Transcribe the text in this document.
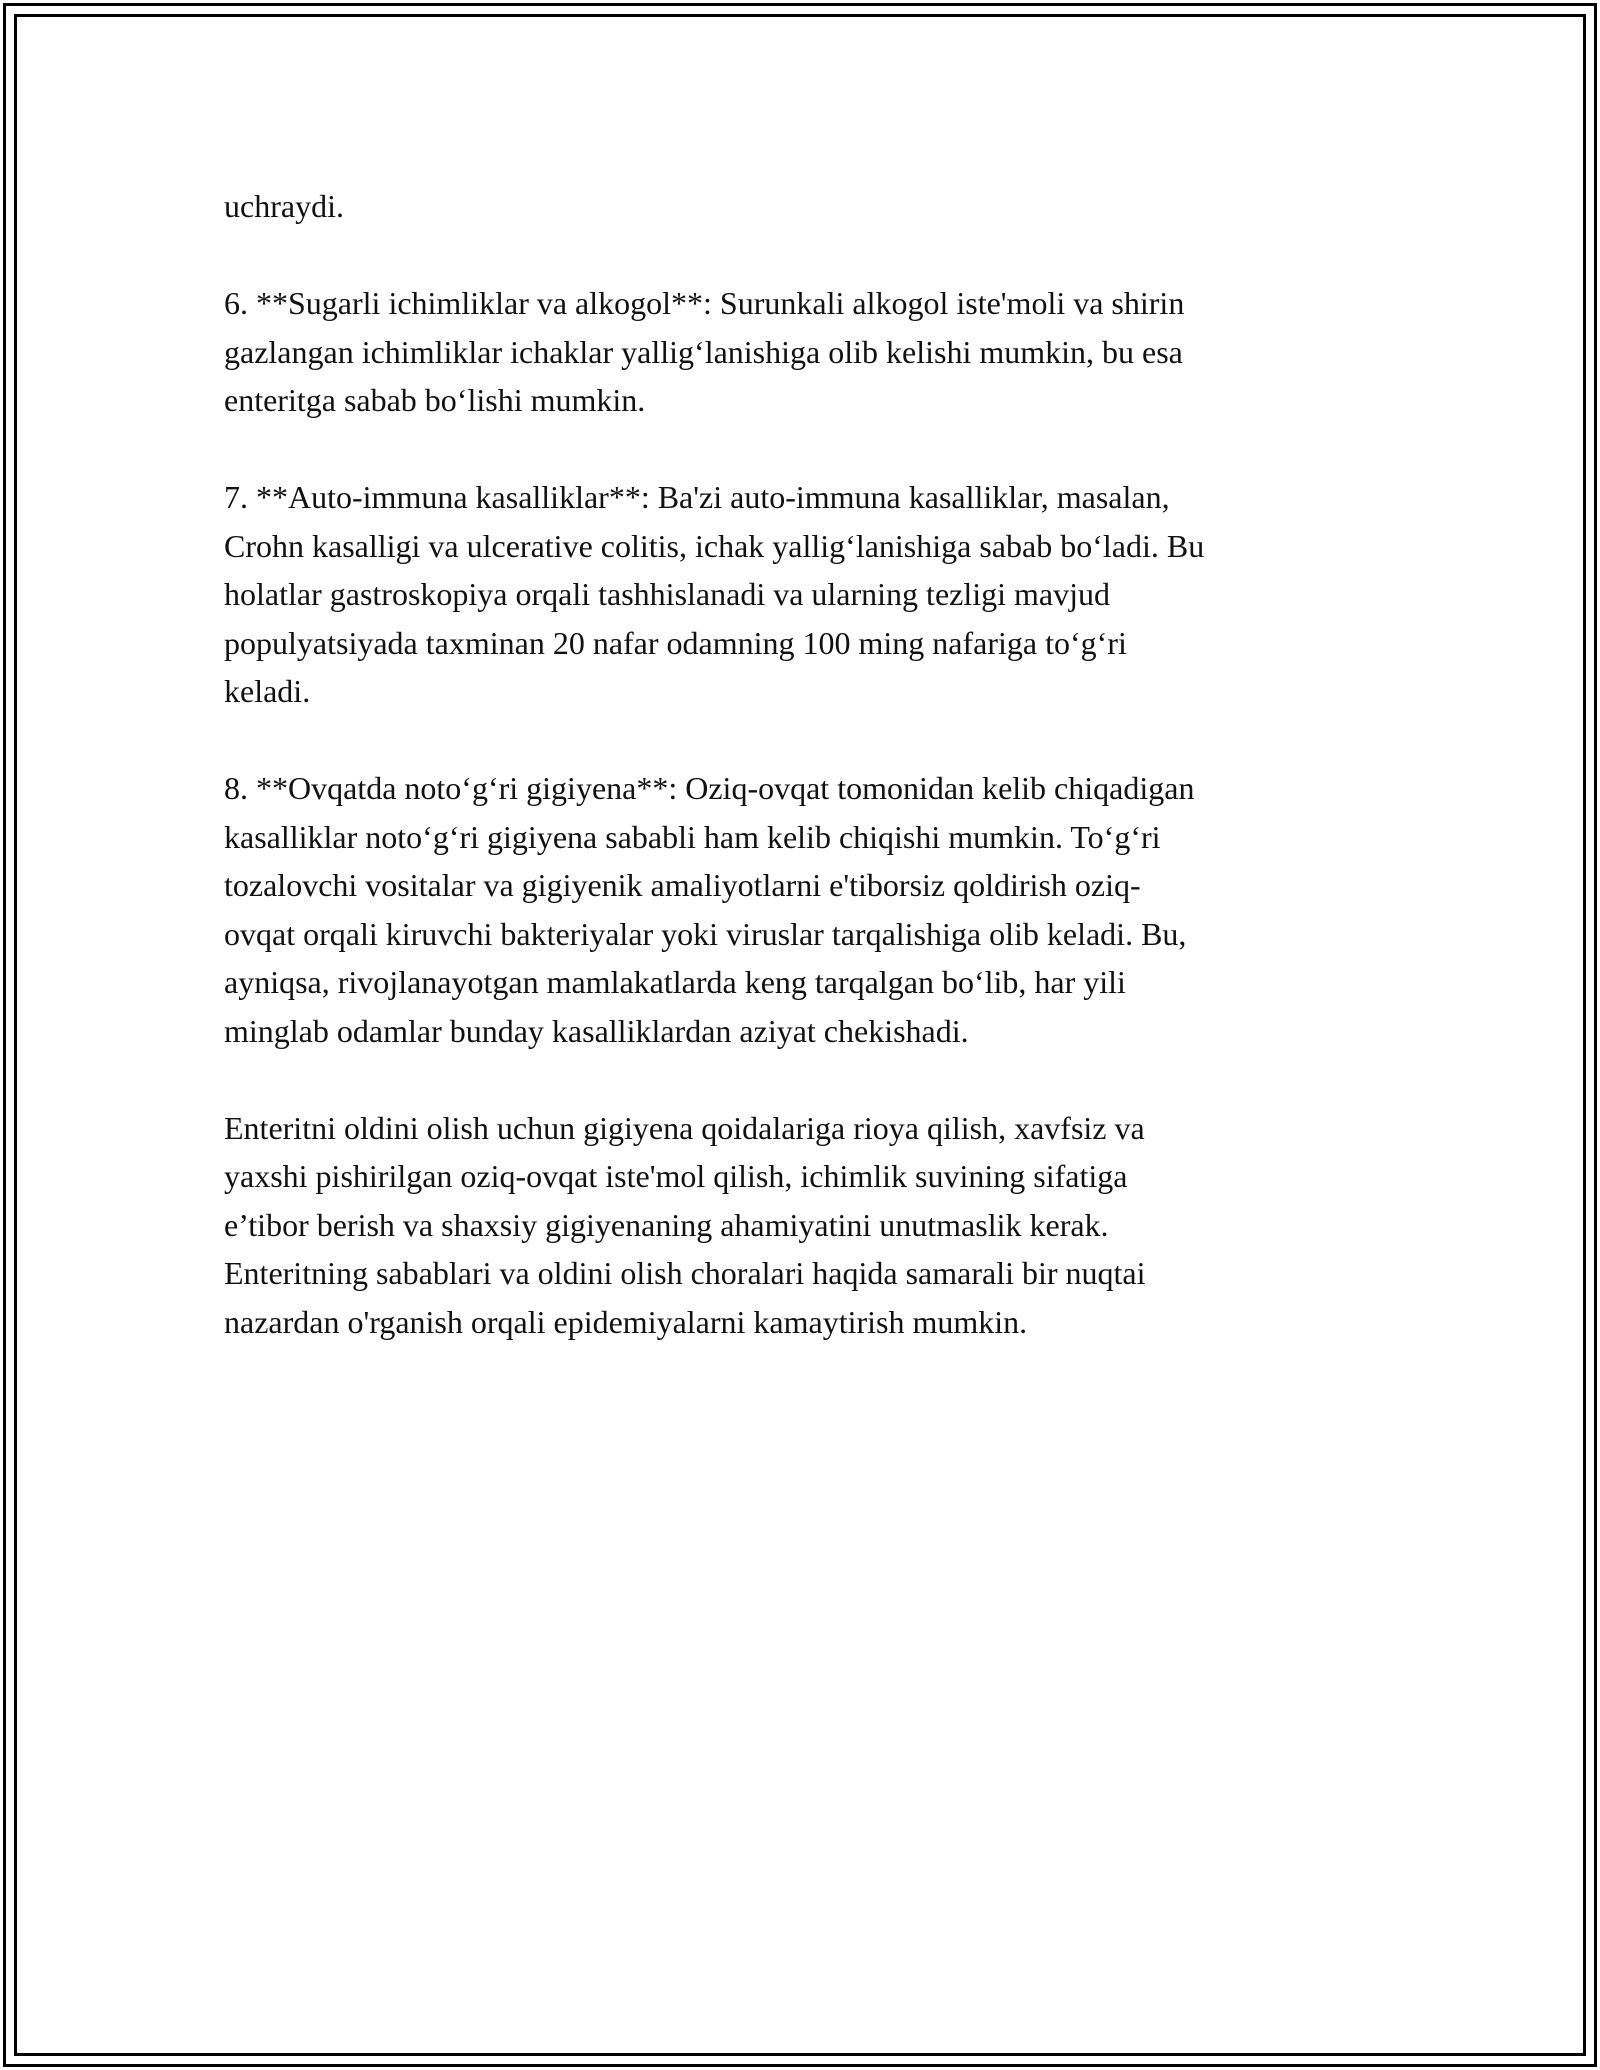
uchraydi.

6. **Sugarli ichimliklar va alkogol**: Surunkali alkogol iste'moli va shirin
gazlangan ichimliklar ichaklar yallig‘lanishiga olib kelishi mumkin, bu esa
enteritga sabab bo‘lishi mumkin.

7. **Auto-immuna kasalliklar**: Ba'zi auto-immuna kasalliklar, masalan,
Crohn kasalligi va ulcerative colitis, ichak yallig‘lanishiga sabab bo‘ladi. Bu
holatlar gastroskopiya orqali tashhislanadi va ularning tezligi mavjud
populyatsiyada taxminan 20 nafar odamning 100 ming nafariga to‘g‘ri
keladi.

8. **Ovqatda noto‘g‘ri gigiyena**: Oziq-ovqat tomonidan kelib chiqadigan
kasalliklar noto‘g‘ri gigiyena sababli ham kelib chiqishi mumkin. To‘g‘ri
tozalovchi vositalar va gigiyenik amaliyotlarni e'tiborsiz qoldirish oziq-
ovqat orqali kiruvchi bakteriyalar yoki viruslar tarqalishiga olib keladi. Bu,
ayniqsa, rivojlanayotgan mamlakatlarda keng tarqalgan bo‘lib, har yili
minglab odamlar bunday kasalliklardan aziyat chekishadi.

Enteritni oldini olish uchun gigiyena qoidalariga rioya qilish, xavfsiz va
yaxshi pishirilgan oziq-ovqat iste'mol qilish, ichimlik suvining sifatiga
e’tibor berish va shaxsiy gigiyenaning ahamiyatini unutmaslik kerak.
Enteritning sabablari va oldini olish choralari haqida samarali bir nuqtai
nazardan o'rganish orqali epidemiyalarni kamaytirish mumkin.
